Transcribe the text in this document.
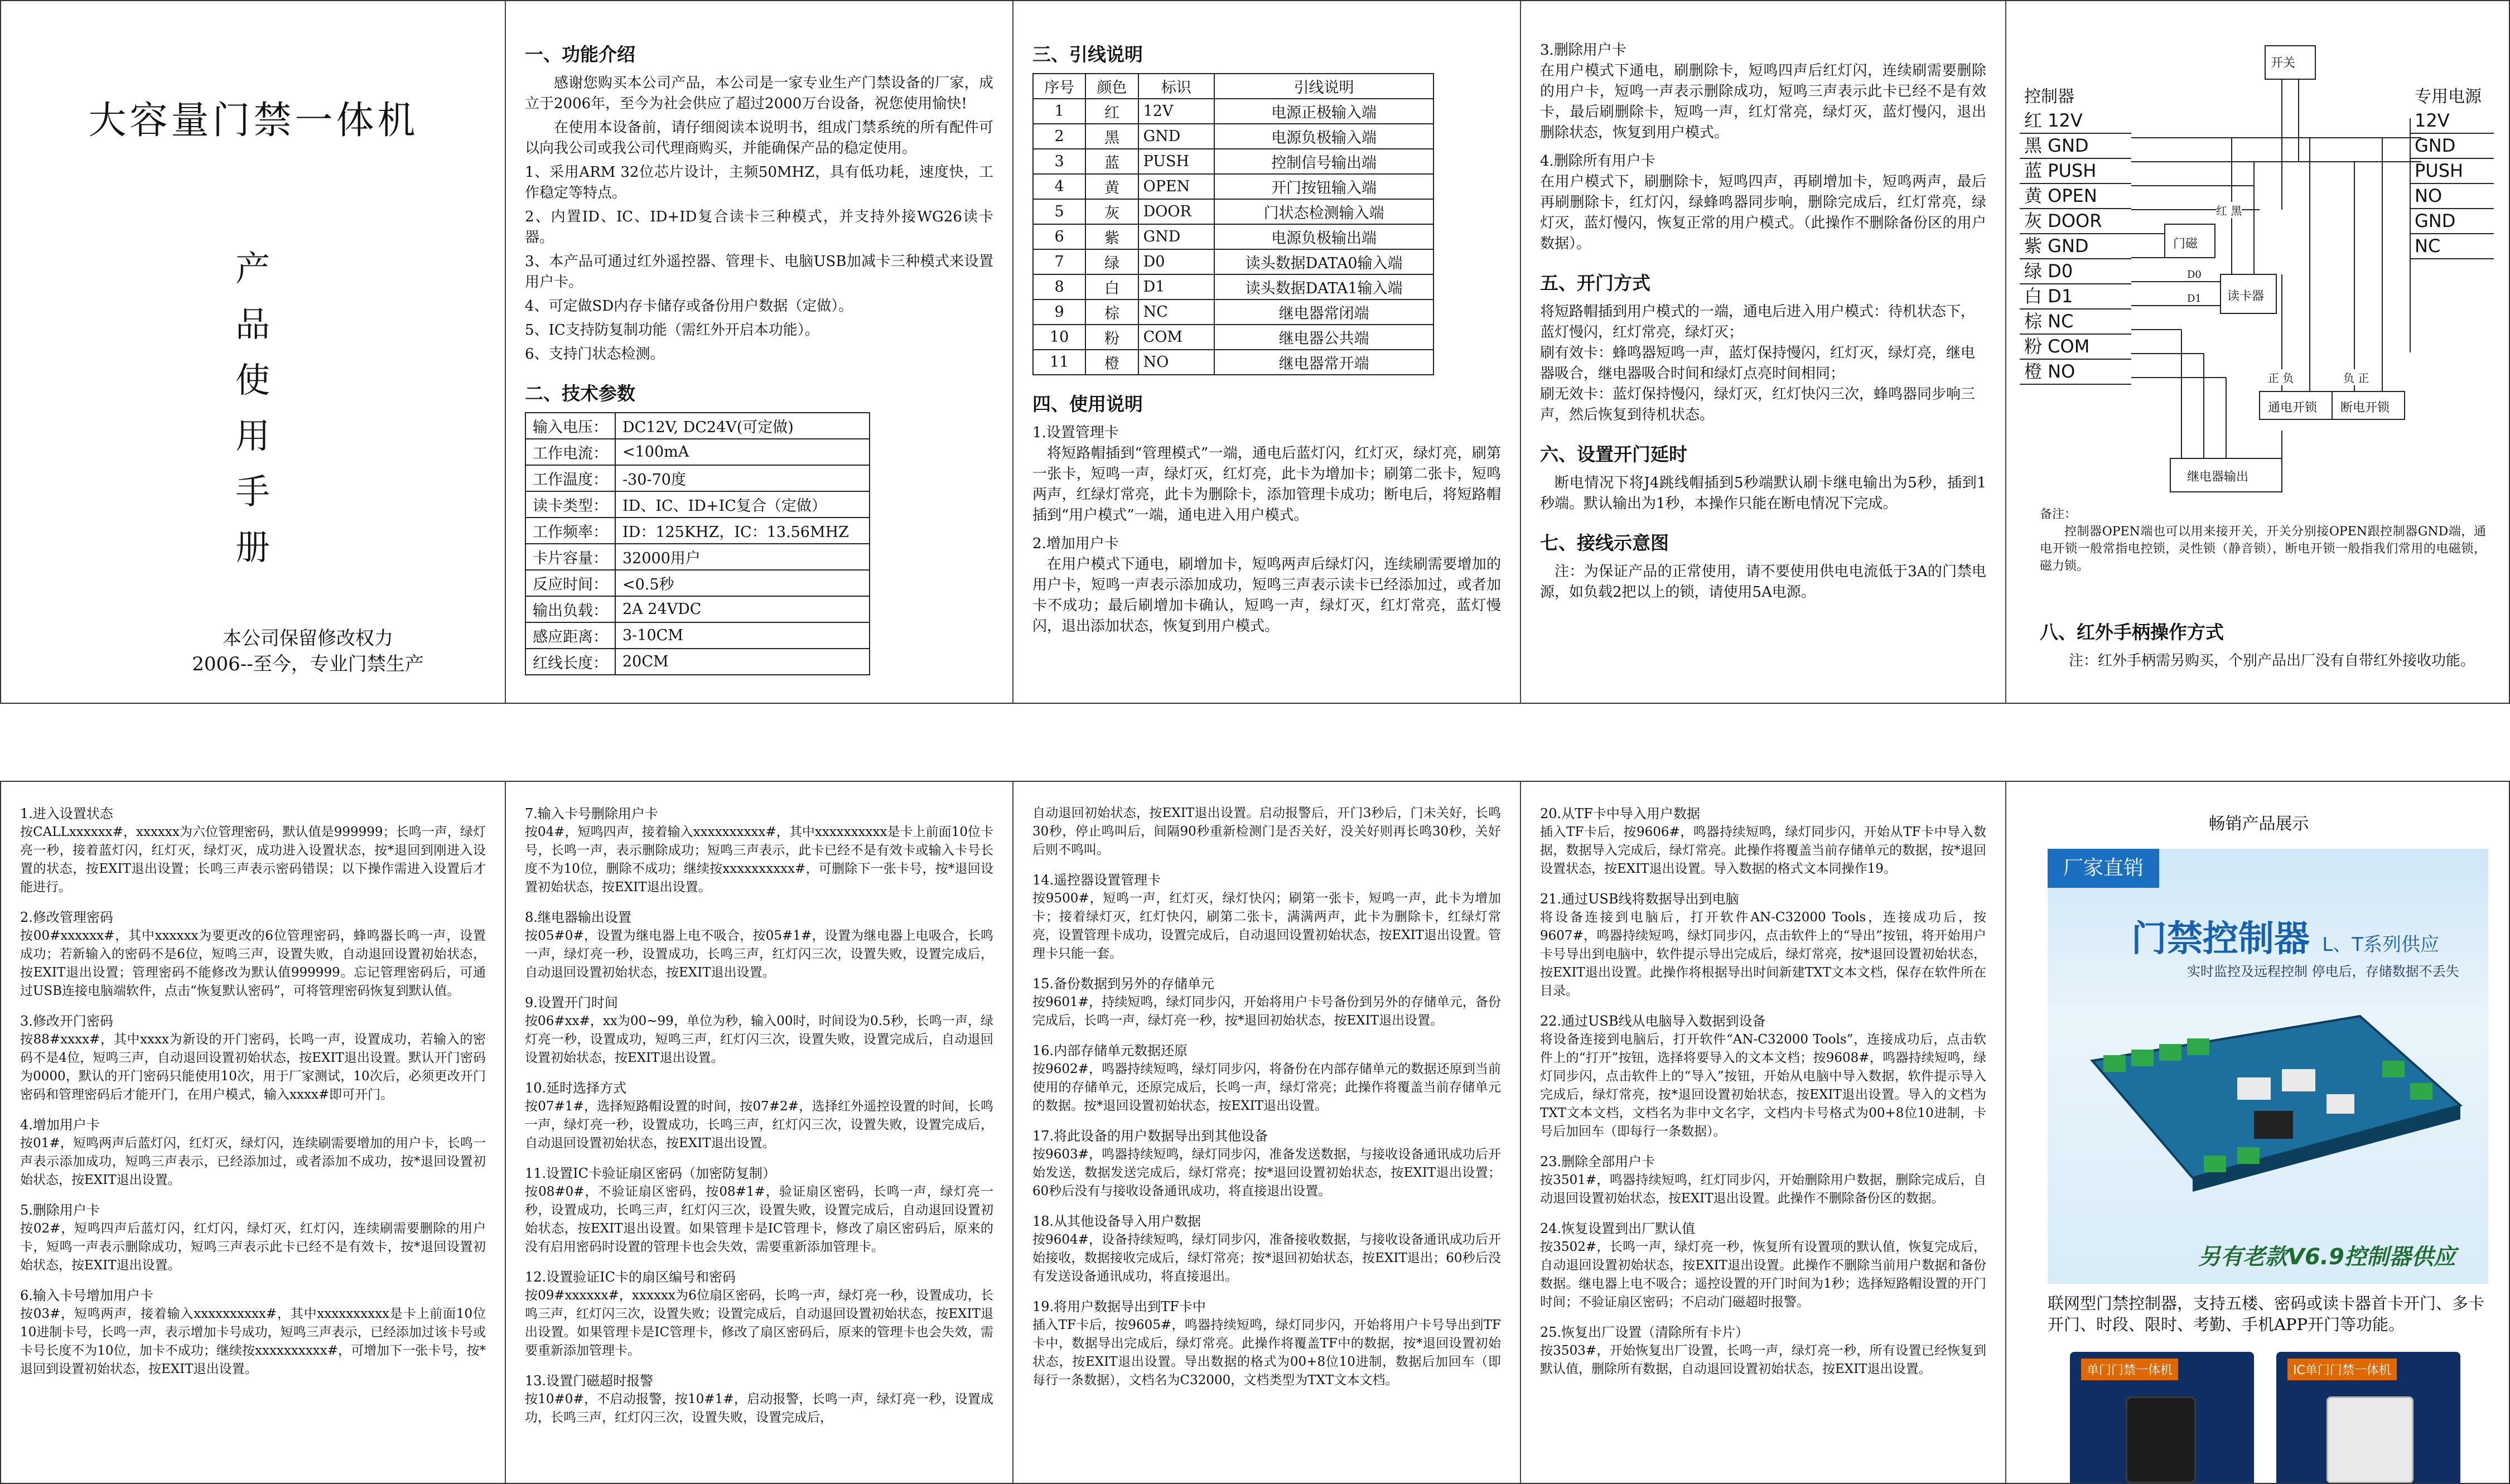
大容量门禁一体机
产
品
使
用
手
册
本公司保留修改权力
2006--至今，专业门禁生产
一、功能介绍

感谢您购买本公司产品，本公司是一家专业生产门禁设备的厂家，成立于2006年，至今为社会供应了超过2000万台设备，祝您使用愉快!

在使用本设备前，请仔细阅读本说明书，组成门禁系统的所有配件可以向我公司或我公司代理商购买，并能确保产品的稳定使用。

1、采用ARM 32位芯片设计，主频50MHZ，具有低功耗，速度快，工作稳定等特点。

2、内置ID、IC、ID+ID复合读卡三种模式，并支持外接WG26读卡器。

3、本产品可通过红外遥控器、管理卡、电脑USB加减卡三种模式来设置用户卡。

4、可定做SD内存卡储存或备份用户数据（定做）。

5、IC支持防复制功能（需红外开启本功能）。

6、支持门状态检测。

二、技术参数
输入电压：	DC12V, DC24V(可定做)
工作电流：	<100mA
工作温度：	-30-70度
读卡类型：	ID、IC、ID+IC复合（定做）
工作频率：	ID：125KHZ，IC：13.56MHZ
卡片容量：	32000用户
反应时间：	<0.5秒
输出负载：	2A 24VDC
感应距离：	3-10CM
红线长度：	20CM
三、引线说明
序号	颜色	标识	引线说明
1	红	12V	电源正极输入端
2	黑	GND	电源负极输入端
3	蓝	PUSH	控制信号输出端
4	黄	OPEN	开门按钮输入端
5	灰	DOOR	门状态检测输入端
6	紫	GND	电源负极输出端
7	绿	D0	读头数据DATA0输入端
8	白	D1	读头数据DATA1输入端
9	棕	NC	继电器常闭端
10	粉	COM	继电器公共端
11	橙	NO	继电器常开端
四、使用说明

1.设置管理卡

将短路帽插到“管理模式”一端，通电后蓝灯闪，红灯灭，绿灯亮，刷第一张卡，短鸣一声，绿灯灭，红灯亮，此卡为增加卡；刷第二张卡，短鸣两声，红绿灯常亮，此卡为删除卡，添加管理卡成功；断电后，将短路帽插到“用户模式”一端，通电进入用户模式。

2.增加用户卡

在用户模式下通电，刷增加卡，短鸣两声后绿灯闪，连续刷需要增加的用户卡，短鸣一声表示添加成功，短鸣三声表示读卡已经添加过，或者加卡不成功；最后刷增加卡确认，短鸣一声，绿灯灭，红灯常亮，蓝灯慢闪，退出添加状态，恢复到用户模式。

3.删除用户卡

在用户模式下通电，刷删除卡，短鸣四声后红灯闪，连续刷需要删除的用户卡，短鸣一声表示删除成功，短鸣三声表示此卡已经不是有效卡，最后刷删除卡，短鸣一声，红灯常亮，绿灯灭，蓝灯慢闪，退出删除状态，恢复到用户模式。

4.删除所有用户卡

在用户模式下，刷删除卡，短鸣四声，再刷增加卡，短鸣两声，最后再刷删除卡，红灯闪，绿蜂鸣器同步响，删除完成后，红灯常亮，绿灯灭，蓝灯慢闪，恢复正常的用户模式。（此操作不删除备份区的用户数据）。

五、开门方式

将短路帽插到用户模式的一端，通电后进入用户模式：待机状态下，蓝灯慢闪，红灯常亮，绿灯灭；
刷有效卡：蜂鸣器短鸣一声，蓝灯保持慢闪，红灯灭，绿灯亮，继电器吸合，继电器吸合时间和绿灯点亮时间相同；
刷无效卡：蓝灯保持慢闪，绿灯灭，红灯快闪三次，蜂鸣器同步响三声，然后恢复到待机状态。

六、设置开门延时

断电情况下将J4跳线帽插到5秒端默认刷卡继电输出为5秒，插到1秒端。默认输出为1秒，本操作只能在断电情况下完成。

七、接线示意图

注：为保证产品的正常使用，请不要使用供电电流低于3A的门禁电源，如负载2把以上的锁，请使用5A电源。

开关
门磁
读卡器
D0
D1
红 黑
正 负	负 正
通电开锁 断电开锁
继电器输出
控制器
红 12V
黑 GND
蓝 PUSH
黄 OPEN
灰 DOOR
紫 GND
绿 D0
白 D1
棕 NC
粉 COM
橙 NO
专用电源
12V
GND
PUSH
NO
GND
NC

备注：

控制器OPEN端也可以用来接开关，开关分别接OPEN跟控制器GND端，通电开锁一般常指电控锁，灵性锁（静音锁），断电开锁一般指我们常用的电磁锁，磁力锁。

八、红外手柄操作方式

注：红外手柄需另购买，个别产品出厂没有自带红外接收功能。

1.进入设置状态

按CALLxxxxxx#，xxxxxx为六位管理密码，默认值是999999；长鸣一声，绿灯亮一秒，接着蓝灯闪，红灯灭，绿灯灭，成功进入设置状态，按*退回到刚进入设置的状态，按EXIT退出设置；长鸣三声表示密码错误；以下操作需进入设置后才能进行。

2.修改管理密码

按00#xxxxxx#，其中xxxxxx为要更改的6位管理密码，蜂鸣器长鸣一声，设置成功；若新输入的密码不是6位，短鸣三声，设置失败，自动退回设置初始状态，按EXIT退出设置；管理密码不能修改为默认值999999。忘记管理密码后，可通过USB连接电脑端软件，点击“恢复默认密码”，可将管理密码恢复到默认值。

3.修改开门密码

按88#xxxx#，其中xxxx为新设的开门密码，长鸣一声，设置成功，若输入的密码不是4位，短鸣三声，自动退回设置初始状态，按EXIT退出设置。默认开门密码为0000，默认的开门密码只能使用10次，用于厂家测试，10次后，必须更改开门密码和管理密码后才能开门，在用户模式，输入xxxx#即可开门。

4.增加用户卡

按01#，短鸣两声后蓝灯闪，红灯灭，绿灯闪，连续刷需要增加的用户卡，长鸣一声表示添加成功，短鸣三声表示，已经添加过，或者添加不成功，按*退回设置初始状态，按EXIT退出设置。

5.删除用户卡

按02#，短鸣四声后蓝灯闪，红灯闪，绿灯灭，红灯闪，连续刷需要删除的用户卡，短鸣一声表示删除成功，短鸣三声表示此卡已经不是有效卡，按*退回设置初始状态，按EXIT退出设置。

6.输入卡号增加用户卡

按03#，短鸣两声，接着输入xxxxxxxxxx#，其中xxxxxxxxxx是卡上前面10位10进制卡号，长鸣一声，表示增加卡号成功，短鸣三声表示，已经添加过该卡号或卡号长度不为10位，加卡不成功；继续按xxxxxxxxxx#，可增加下一张卡号，按*退回到设置初始状态，按EXIT退出设置。

7.输入卡号删除用户卡

按04#，短鸣四声，接着输入xxxxxxxxxx#，其中xxxxxxxxxx是卡上前面10位卡号，长鸣一声，表示删除成功；短鸣三声表示，此卡已经不是有效卡或输入卡号长度不为10位，删除不成功；继续按xxxxxxxxxx#，可删除下一张卡号，按*退回设置初始状态，按EXIT退出设置。

8.继电器输出设置

按05#0#，设置为继电器上电不吸合，按05#1#，设置为继电器上电吸合，长鸣一声，绿灯亮一秒，设置成功，长鸣三声，红灯闪三次，设置失败，设置完成后，自动退回设置初始状态，按EXIT退出设置。

9.设置开门时间

按06#xx#，xx为00~99，单位为秒，输入00时，时间设为0.5秒，长鸣一声，绿灯亮一秒，设置成功，短鸣三声，红灯闪三次，设置失败，设置完成后，自动退回设置初始状态，按EXIT退出设置。

10.延时选择方式

按07#1#，选择短路帽设置的时间，按07#2#，选择红外遥控设置的时间，长鸣一声，绿灯亮一秒，设置成功，长鸣三声，红灯闪三次，设置失败，设置完成后，自动退回设置初始状态，按EXIT退出设置。

11.设置IC卡验证扇区密码（加密防复制）

按08#0#，不验证扇区密码，按08#1#，验证扇区密码，长鸣一声，绿灯亮一秒，设置成功，长鸣三声，红灯闪三次，设置失败，设置完成后，自动退回设置初始状态，按EXIT退出设置。如果管理卡是IC管理卡，修改了扇区密码后，原来的没有启用密码时设置的管理卡也会失效，需要重新添加管理卡。

12.设置验证IC卡的扇区编号和密码

按09#xxxxxx#，xxxxxx为6位扇区密码，长鸣一声，绿灯亮一秒，设置成功，长鸣三声，红灯闪三次，设置失败；设置完成后，自动退回设置初始状态，按EXIT退出设置。如果管理卡是IC管理卡，修改了扇区密码后，原来的管理卡也会失效，需要重新添加管理卡。

13.设置门磁超时报警

按10#0#，不启动报警，按10#1#，启动报警，长鸣一声，绿灯亮一秒，设置成功，长鸣三声，红灯闪三次，设置失败，设置完成后，

自动退回初始状态，按EXIT退出设置。启动报警后，开门3秒后，门未关好，长鸣30秒，停止鸣叫后，间隔90秒重新检测门是否关好，没关好则再长鸣30秒，关好后则不鸣叫。

14.遥控器设置管理卡

按9500#，短鸣一声，红灯灭，绿灯快闪；刷第一张卡，短鸣一声，此卡为增加卡；接着绿灯灭，红灯快闪，刷第二张卡，满满两声，此卡为删除卡，红绿灯常亮，设置管理卡成功，设置完成后，自动退回设置初始状态，按EXIT退出设置。管理卡只能一套。

15.备份数据到另外的存储单元

按9601#，持续短鸣，绿灯同步闪，开始将用户卡号备份到另外的存储单元，备份完成后，长鸣一声，绿灯亮一秒，按*退回初始状态，按EXIT退出设置。

16.内部存储单元数据还原

按9602#，鸣器持续短鸣，绿灯同步闪，将备份在内部存储单元的数据还原到当前使用的存储单元，还原完成后，长鸣一声，绿灯常亮；此操作将覆盖当前存储单元的数据。按*退回设置初始状态，按EXIT退出设置。

17.将此设备的用户数据导出到其他设备

按9603#，鸣器持续短鸣，绿灯同步闪，准备发送数据，与接收设备通讯成功后开始发送，数据发送完成后，绿灯常亮；按*退回设置初始状态，按EXIT退出设置；60秒后没有与接收设备通讯成功，将直接退出设置。

18.从其他设备导入用户数据

按9604#，设备持续短鸣，绿灯同步闪，准备接收数据，与接收设备通讯成功后开始接收，数据接收完成后，绿灯常亮；按*退回初始状态，按EXIT退出；60秒后没有发送设备通讯成功，将直接退出。

19.将用户数据导出到TF卡中

插入TF卡后，按9605#，鸣器持续短鸣，绿灯同步闪，开始将用户卡号导出到TF卡中，数据导出完成后，绿灯常亮。此操作将覆盖TF中的数据，按*退回设置初始状态，按EXIT退出设置。导出数据的格式为00+8位10进制，数据后加回车（即每行一条数据），文档名为C32000，文档类型为TXT文本文档。

20.从TF卡中导入用户数据

插入TF卡后，按9606#，鸣器持续短鸣，绿灯同步闪，开始从TF卡中导入数据，数据导入完成后，绿灯常亮。此操作将覆盖当前存储单元的数据，按*退回设置状态，按EXIT退出设置。导入数据的格式文本同操作19。

21.通过USB线将数据导出到电脑

将设备连接到电脑后，打开软件AN-C32000 Tools，连接成功后，按9607#，鸣器持续短鸣，绿灯同步闪，点击软件上的“导出”按钮，将开始用户卡号导出到电脑中，软件提示导出完成后，绿灯常亮，按*退回设置初始状态，按EXIT退出设置。此操作将根据导出时间新建TXT文本文档，保存在软件所在目录。

22.通过USB线从电脑导入数据到设备

将设备连接到电脑后，打开软件“AN-C32000 Tools”，连接成功后，点击软件上的“打开”按钮，选择将要导入的文本文档；按9608#，鸣器持续短鸣，绿灯同步闪，点击软件上的“导入”按钮，开始从电脑中导入数据，软件提示导入完成后，绿灯常亮，按*退回设置初始状态，按EXIT退出设置。导入的文档为TXT文本文档，文档名为非中文名字，文档内卡号格式为00+8位10进制，卡号后加回车（即每行一条数据）。

23.删除全部用户卡

按3501#，鸣器持续短鸣，红灯同步闪，开始删除用户数据，删除完成后，自动退回设置初始状态，按EXIT退出设置。此操作不删除备份区的数据。

24.恢复设置到出厂默认值

按3502#，长鸣一声，绿灯亮一秒，恢复所有设置项的默认值，恢复完成后，自动退回设置初始状态，按EXIT退出设置。此操作不删除当前用户数据和备份数据。继电器上电不吸合；遥控设置的开门时间为1秒；选择短路帽设置的开门时间；不验证扇区密码；不启动门磁超时报警。

25.恢复出厂设置（清除所有卡片）

按3503#，开始恢复出厂设置，长鸣一声，绿灯亮一秒，所有设置已经恢复到默认值，删除所有数据，自动退回设置初始状态，按EXIT退出设置。

畅销产品展示
厂家直销
门禁控制器 L、T系列供应
实时监控及远程控制 停电后，存储数据不丢失
另有老款V6.9控制器供应

联网型门禁控制器，支持五楼、密码或读卡器首卡开门、多卡开门、时段、限时、考勤、手机APP开门等功能。

单门门禁一体机	IC单门门禁一体机
